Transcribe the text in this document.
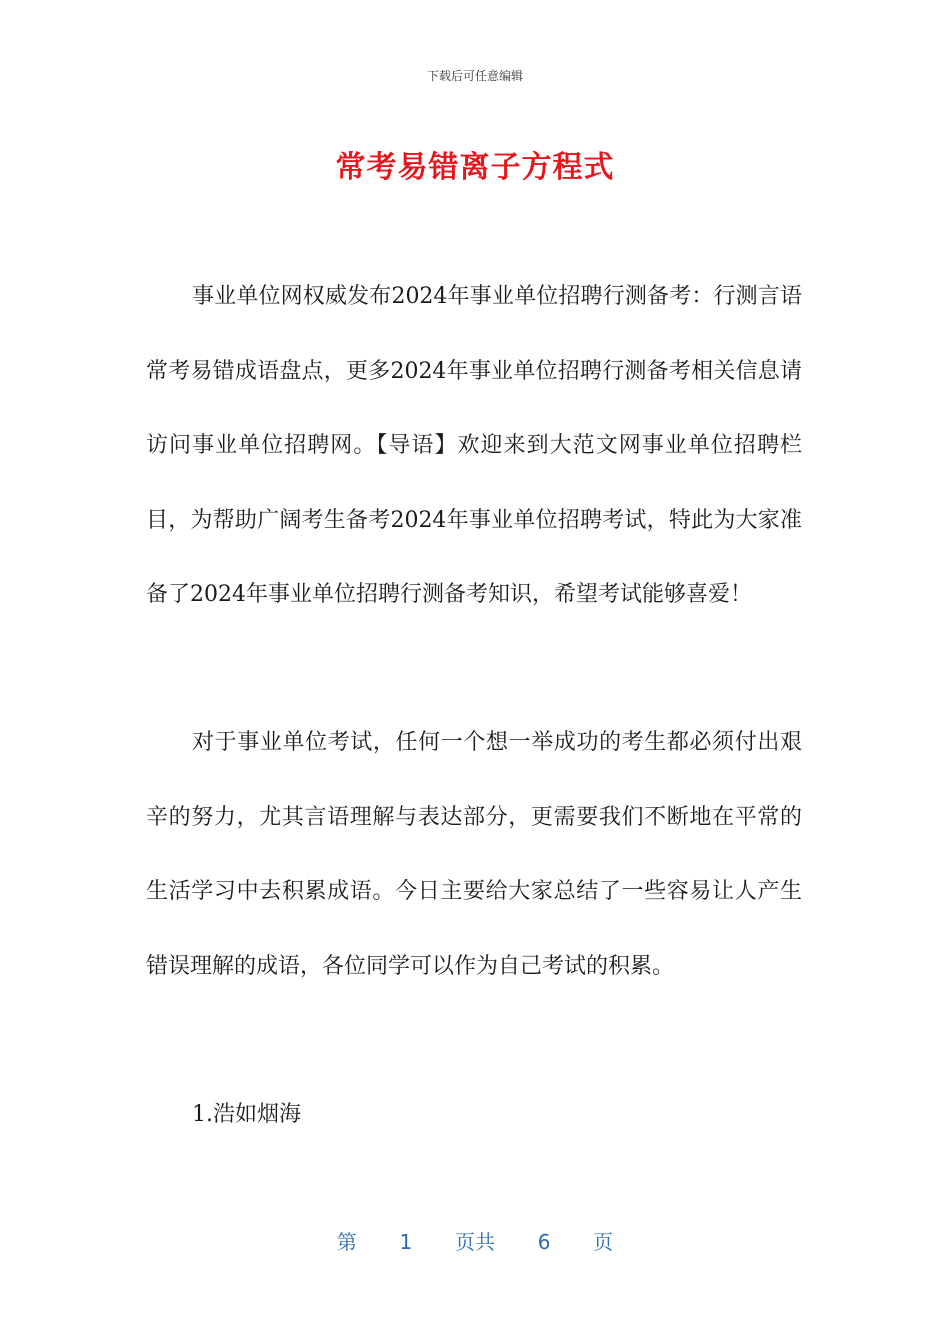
下载后可任意编辑
常考易错离子方程式

事业单位网权威发布2024年事业单位招聘行测备考：行测言语常考易错成语盘点，更多2024年事业单位招聘行测备考相关信息请访问事业单位招聘网。【导语】欢迎来到大范文网事业单位招聘栏目，为帮助广阔考生备考2024年事业单位招聘考试，特此为大家准备了2024年事业单位招聘行测备考知识，希望考试能够喜爱！

对于事业单位考试，任何一个想一举成功的考生都必须付出艰辛的努力，尤其言语理解与表达部分，更需要我们不断地在平常的生活学习中去积累成语。今日主要给大家总结了一些容易让人产生错误理解的成语，各位同学可以作为自己考试的积累。

1.浩如烟海

第 1 页共 6 页
